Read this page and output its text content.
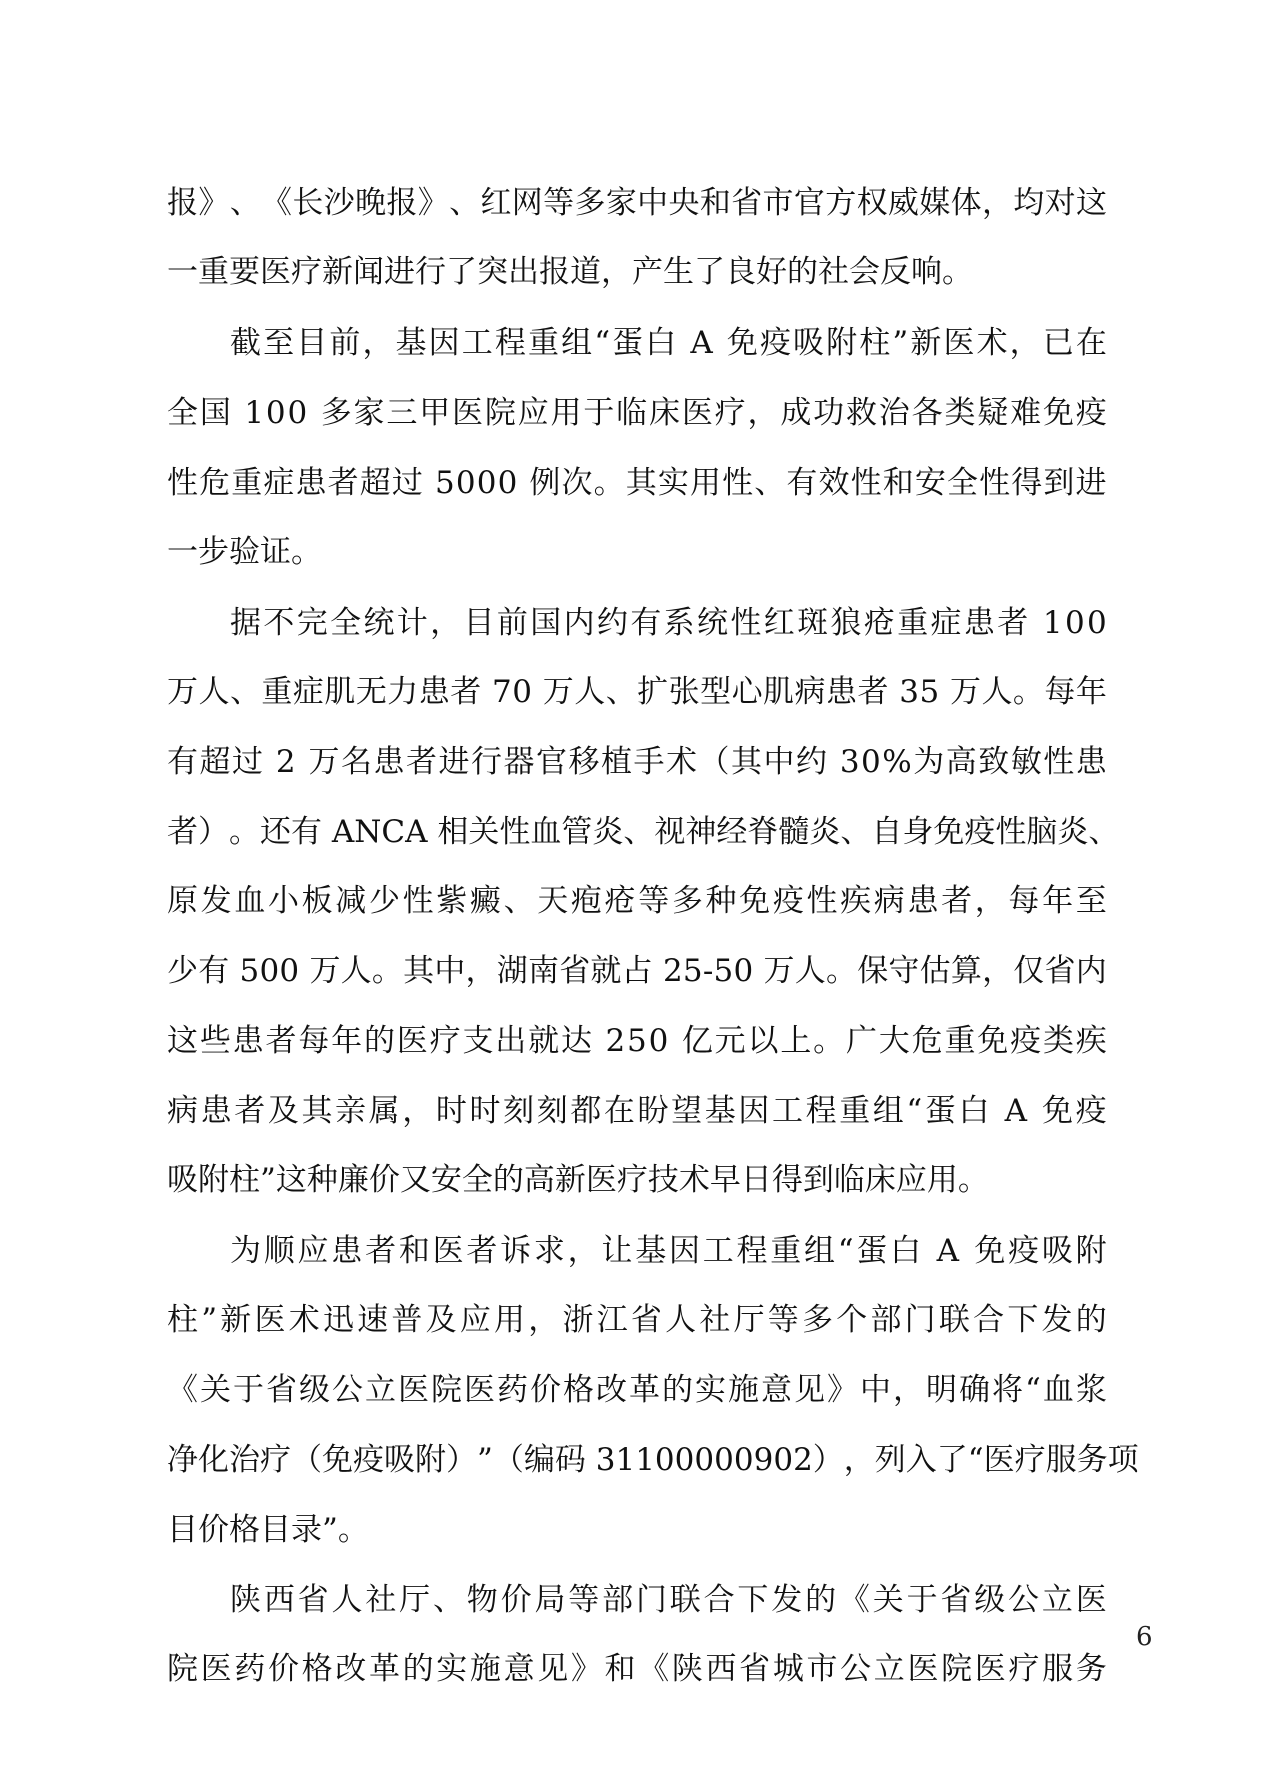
报 》 、 《 长 沙 晚 报 》 、 红 网 等 多 家 中 央 和 省 市 官 方 权 威 媒 体 ， 均 对 这
一重要医疗新闻进行了突出报道，产生了良好的社会反响。
截 至 目 前 ， 基 因 工 程 重 组 “ 蛋 白
A
免 疫 吸 附 柱 ” 新 医 术 ， 已 在
全 国
1 0 0
多 家 三 甲 医 院 应 用 于 临 床 医 疗 ， 成 功 救 治 各 类 疑 难 免 疫
性 危 重 症 患 者 超 过
5 0 0 0
例 次 。 其 实 用 性 、 有 效 性 和 安 全 性 得 到 进
一步验证。
据 不 完 全 统 计 ， 目 前 国 内 约 有 系 统 性 红 斑 狼 疮 重 症 患 者
1 0 0
万 人 、 重 症 肌 无 力 患 者
7 0
万 人 、 扩 张 型 心 肌 病 患 者
3 5
万 人 。 每 年
有 超 过
2
万 名 患 者 进 行 器 官 移 植 手 术 （ 其 中 约
3 0 % 为 高 致 敏 性 患
者 ） 。 还 有
A N C A
相 关 性 血 管 炎 、 视 神 经 脊 髓 炎 、 自 身 免 疫 性 脑 炎 、
原 发 血 小 板 减 少 性 紫 癜 、 天 疱 疮 等 多 种 免 疫 性 疾 病 患 者 ， 每 年 至
少 有
5 0 0
万 人 。 其 中 ， 湖 南 省 就 占
2 5 - 5 0
万 人 。 保 守 估 算 ， 仅 省 内
这 些 患 者 每 年 的 医 疗 支 出 就 达
2 5 0
亿 元 以 上 。 广 大 危 重 免 疫 类 疾
病 患 者 及 其 亲 属 ， 时 时 刻 刻 都 在 盼 望 基 因 工 程 重 组 “ 蛋 白
A
免 疫
吸附柱”这种廉价又安全的高新医疗技术早日得到临床应用。
为 顺 应 患 者 和 医 者 诉 求 ， 让 基 因 工 程 重 组 “ 蛋 白
A
免 疫 吸 附
柱 ” 新 医 术 迅 速 普 及 应 用 ， 浙 江 省 人 社 厅 等 多 个 部 门 联 合 下 发 的
《 关 于 省 级 公 立 医 院 医 药 价 格 改 革 的 实 施 意 见 》 中 ， 明 确 将 “ 血 浆
净 化 治 疗 （ 免 疫 吸 附 ） ” （ 编 码
3 1 1 0 0 0 0 0 9 0 2 ） ， 列 入 了 “ 医 疗 服 务 项
目价格目录”。
陕 西 省 人 社 厅 、 物 价 局 等 部 门 联 合 下 发 的 《 关 于 省 级 公 立 医
院 医 药 价 格 改 革 的 实 施 意 见 》 和 《 陕 西 省 城 市 公 立 医 院 医 疗 服 务
6
